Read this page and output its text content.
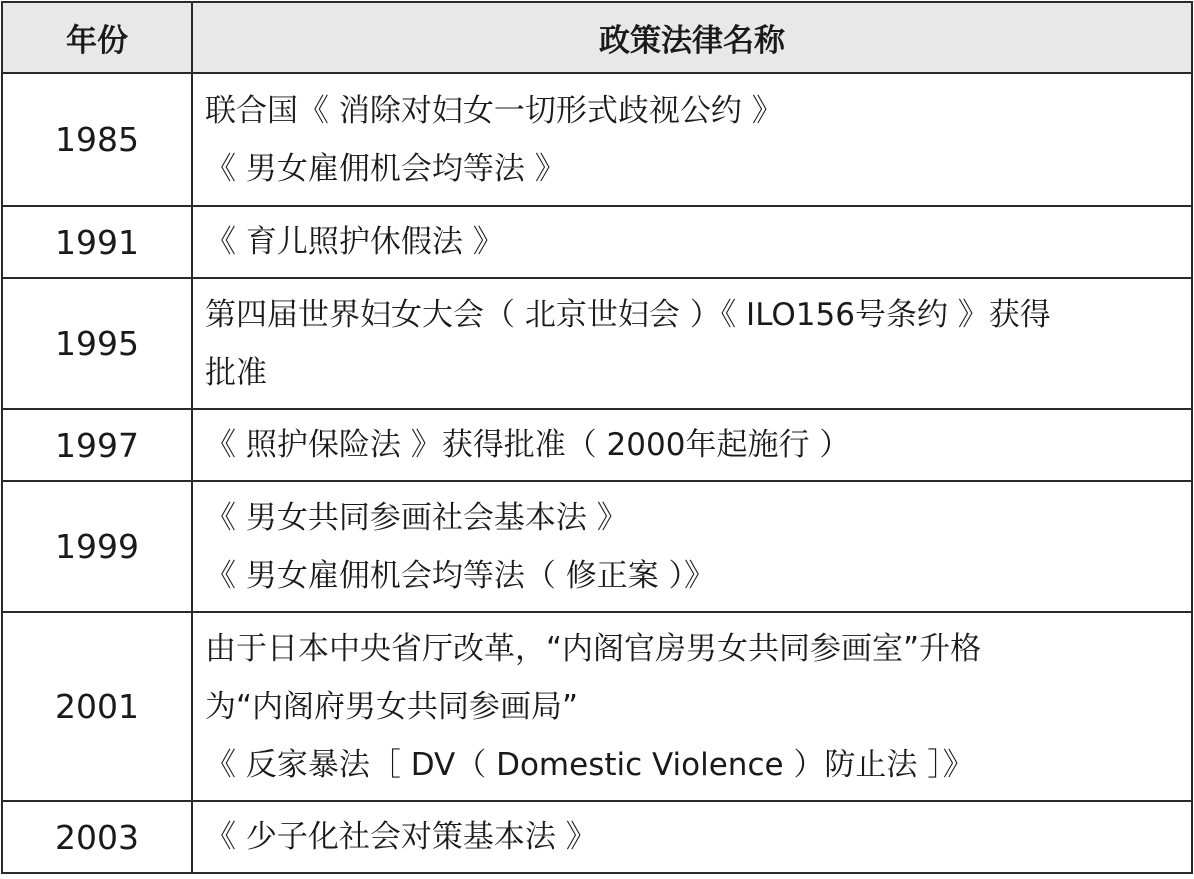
年份	政策法律名称
1985	联合国《 消除对妇女一切形式歧视公约 》
《 男女雇佣机会均等法 》

1991	《 育儿照护休假法 》

1995	第四届世界妇女大会（ 北京世妇会 ）《 ILO156号条约 》获得
批准

1997	《 照护保险法 》获得批准（ 2000年起施行 ）

1999	《 男女共同参画社会基本法 》
《 男女雇佣机会均等法（ 修正案 ）》

2001	由于日本中央省厅改革，“内阁官房男女共同参画室”升格
为“内阁府男女共同参画局”
《 反家暴法［ DV（ Domestic Violence ）防止法 ］》

2003	《 少子化社会对策基本法 》
